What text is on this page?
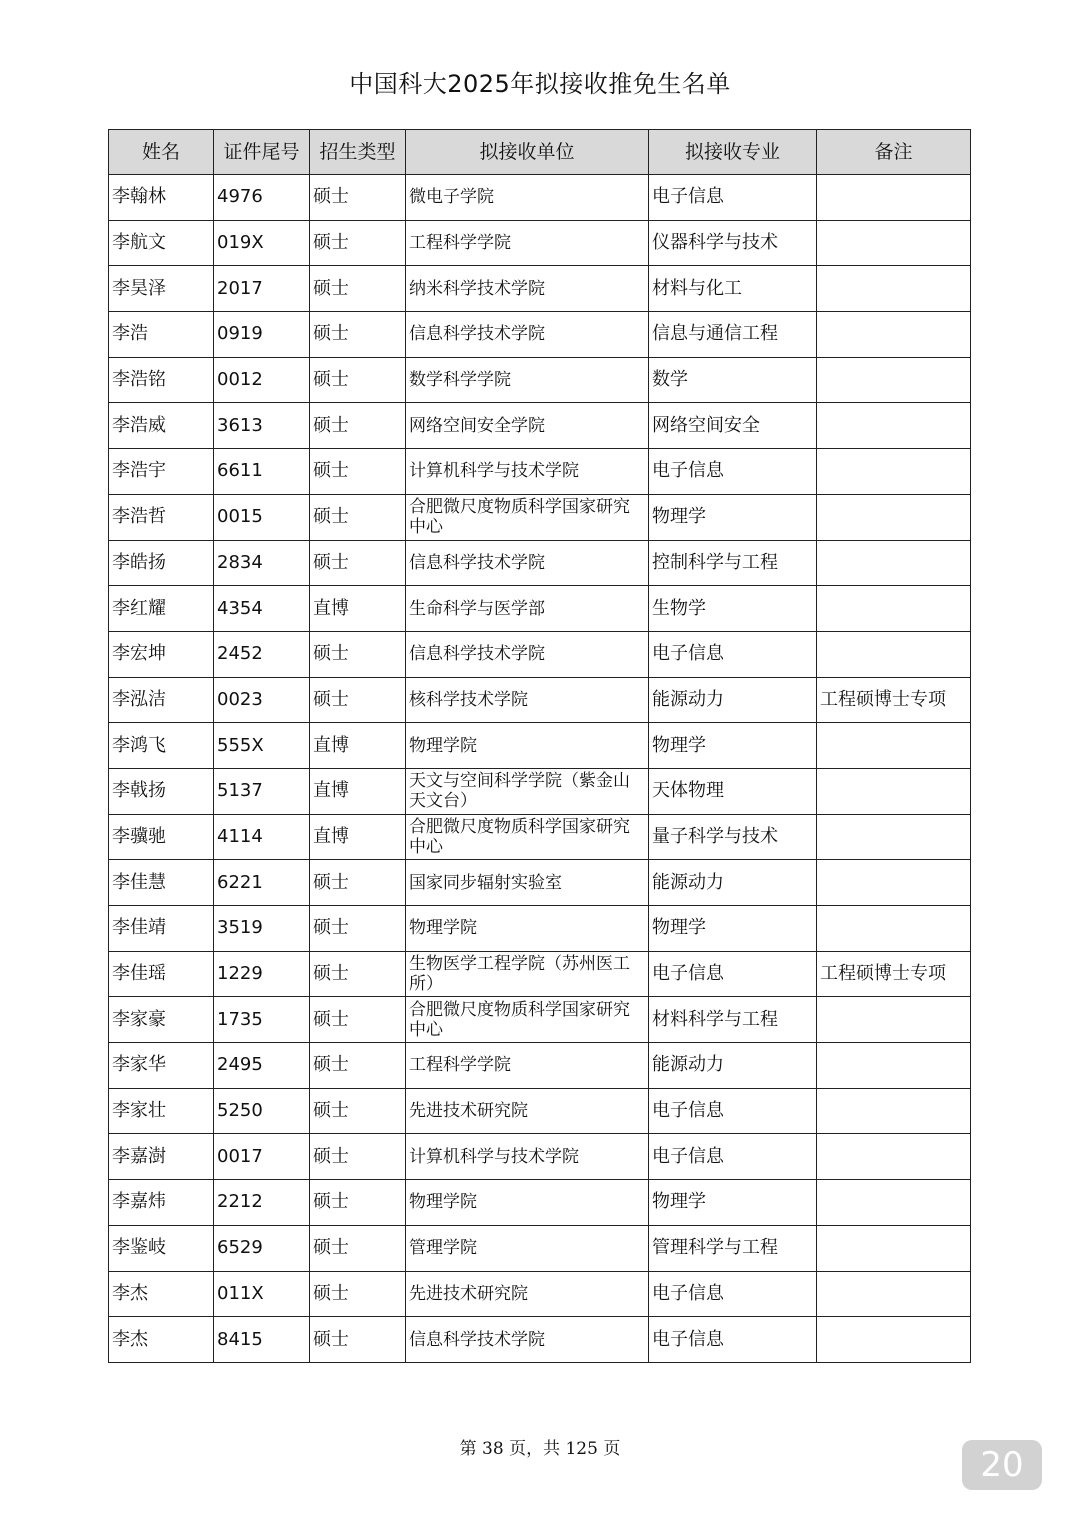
中国科大2025年拟接收推免生名单
姓名	证件尾号	招生类型	拟接收单位	拟接收专业	备注
李翰林	4976	硕士	微电子学院	电子信息	
李航文	019X	硕士	工程科学学院	仪器科学与技术	
李昊泽	2017	硕士	纳米科学技术学院	材料与化工	
李浩	0919	硕士	信息科学技术学院	信息与通信工程	
李浩铭	0012	硕士	数学科学学院	数学	
李浩威	3613	硕士	网络空间安全学院	网络空间安全	
李浩宇	6611	硕士	计算机科学与技术学院	电子信息	
李浩哲	0015	硕士	合肥微尺度物质科学国家研究中心	物理学	
李皓扬	2834	硕士	信息科学技术学院	控制科学与工程	
李红耀	4354	直博	生命科学与医学部	生物学	
李宏坤	2452	硕士	信息科学技术学院	电子信息	
李泓洁	0023	硕士	核科学技术学院	能源动力	工程硕博士专项
李鸿飞	555X	直博	物理学院	物理学	
李戟扬	5137	直博	天文与空间科学学院（紫金山天文台）	天体物理	
李骥驰	4114	直博	合肥微尺度物质科学国家研究中心	量子科学与技术	
李佳慧	6221	硕士	国家同步辐射实验室	能源动力	
李佳靖	3519	硕士	物理学院	物理学	
李佳瑶	1229	硕士	生物医学工程学院（苏州医工所）	电子信息	工程硕博士专项
李家豪	1735	硕士	合肥微尺度物质科学国家研究中心	材料科学与工程	
李家华	2495	硕士	工程科学学院	能源动力	
李家壮	5250	硕士	先进技术研究院	电子信息	
李嘉澍	0017	硕士	计算机科学与技术学院	电子信息	
李嘉炜	2212	硕士	物理学院	物理学	
李鉴岐	6529	硕士	管理学院	管理科学与工程	
李杰	011X	硕士	先进技术研究院	电子信息	
李杰	8415	硕士	信息科学技术学院	电子信息	
第 38 页，共 125 页	20
